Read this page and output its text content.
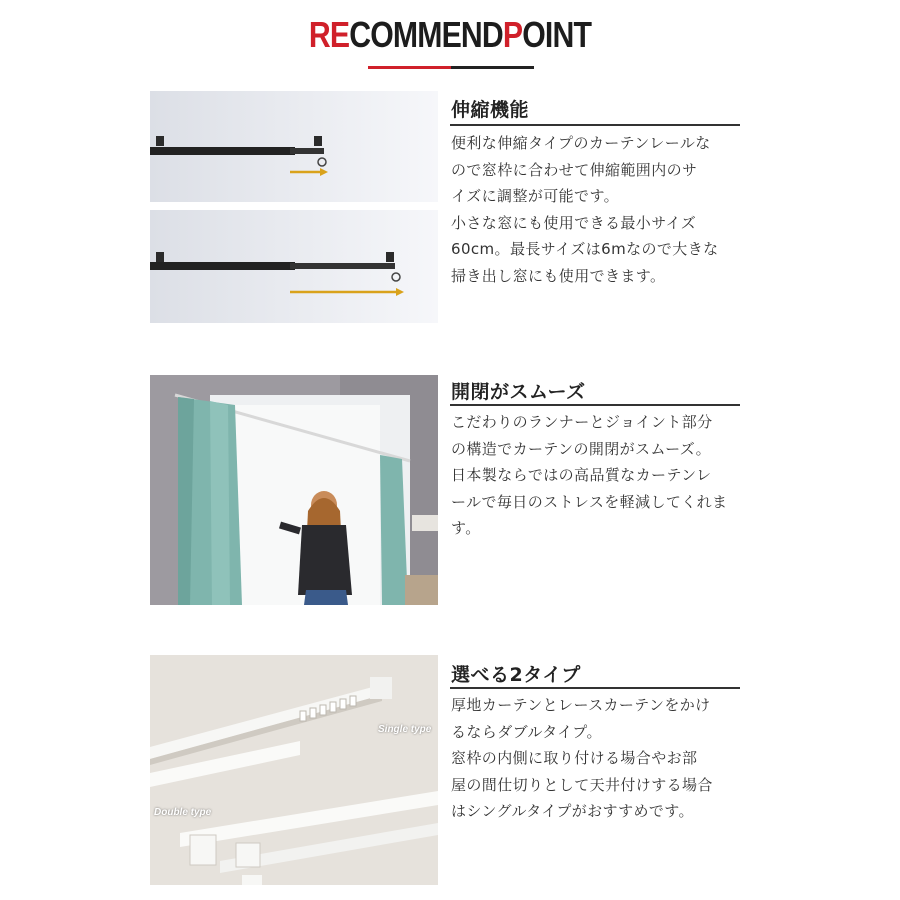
RECOMMENDPOINT
伸縮機能

便利な伸縮タイプのカーテンレールな

ので窓枠に合わせて伸縮範囲内のサ

イズに調整が可能です。

小さな窓にも使用できる最小サイズ

60cm。最長サイズは6mなので大きな

掃き出し窓にも使用できます。

開閉がスムーズ

こだわりのランナーとジョイント部分

の構造でカーテンの開閉がスムーズ。

日本製ならではの高品質なカーテンレ

ールで毎日のストレスを軽減してくれま

す。

Single type
Double type
選べる2タイプ

厚地カーテンとレースカーテンをかけ

るならダブルタイプ。

窓枠の内側に取り付ける場合やお部

屋の間仕切りとして天井付けする場合

はシングルタイプがおすすめです。
